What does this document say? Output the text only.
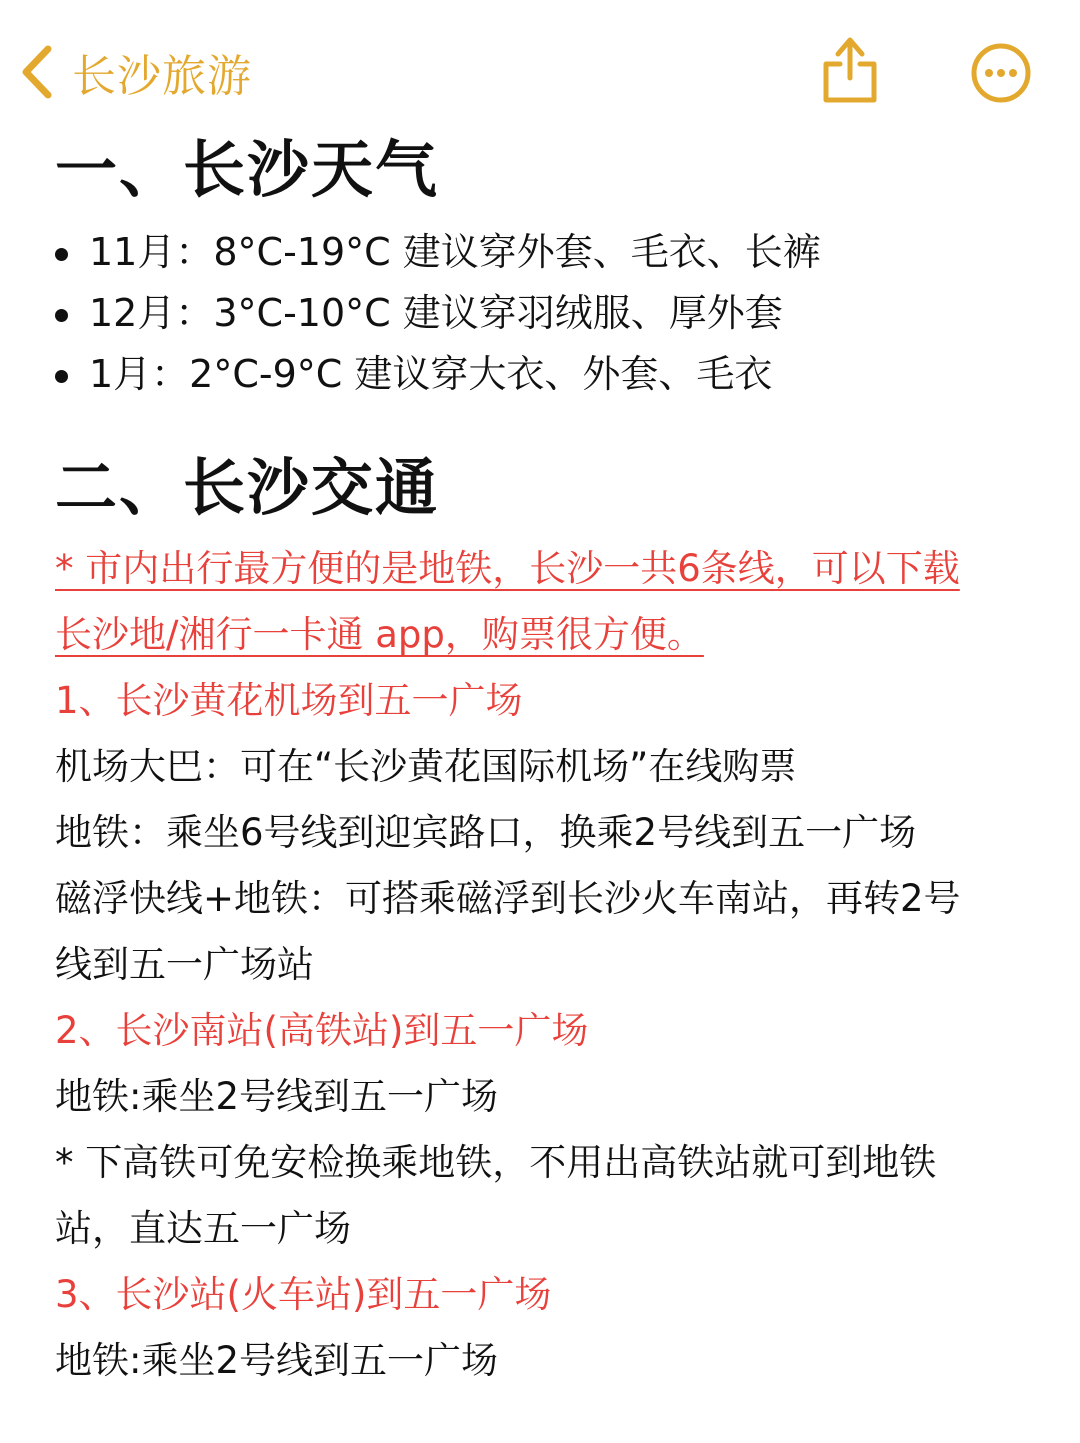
长沙旅游
一、长沙天气
11月：8°C-19°C 建议穿外套、毛衣、长裤
12月：3°C-10°C 建议穿羽绒服、厚外套
1月：2°C-9°C 建议穿大衣、外套、毛衣
二、长沙交通
* 市内出行最方便的是地铁，长沙一共6条线，可以下载
长沙地/湘行一卡通 app，购票很方便。
1、长沙黄花机场到五一广场
机场大巴：可在“长沙黄花国际机场”在线购票
地铁：乘坐6号线到迎宾路口，换乘2号线到五一广场
磁浮快线+地铁：可搭乘磁浮到长沙火车南站，再转2号
线到五一广场站
2、长沙南站(高铁站)到五一广场
地铁:乘坐2号线到五一广场
* 下高铁可免安检换乘地铁，不用出高铁站就可到地铁
站，直达五一广场
3、长沙站(火车站)到五一广场
地铁:乘坐2号线到五一广场
